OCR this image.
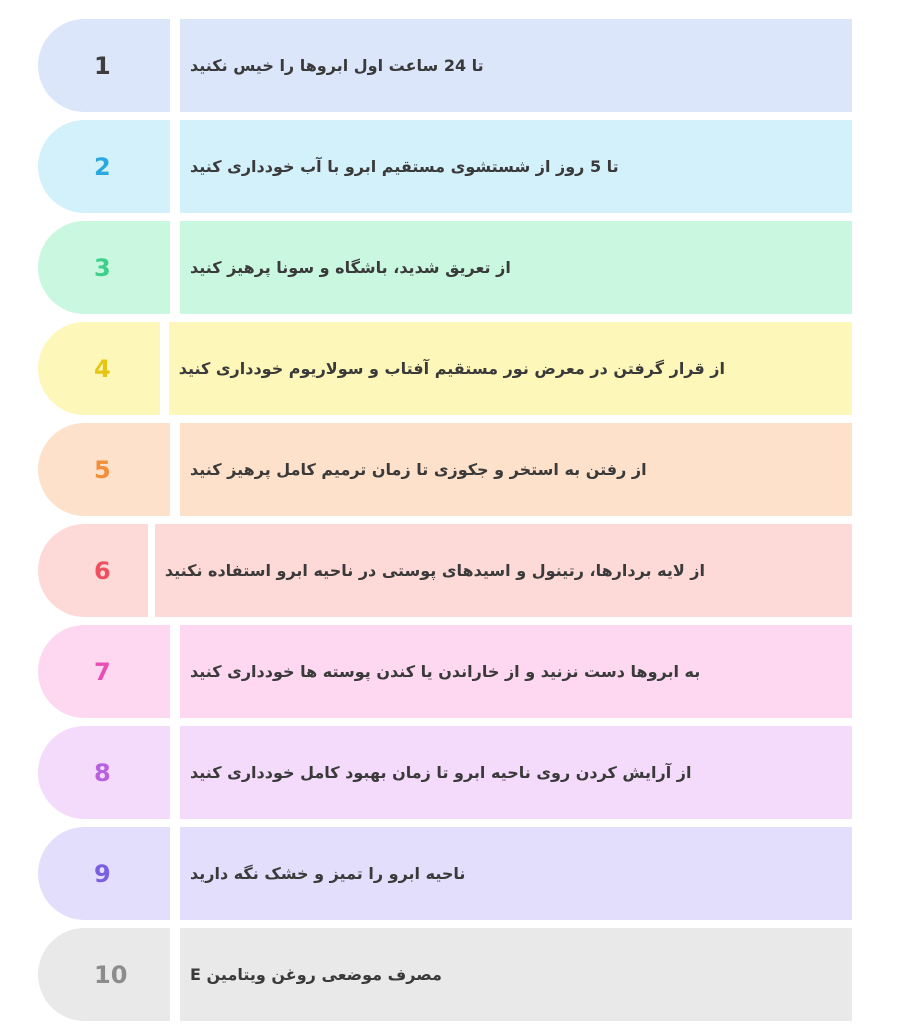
1	تا 24 ساعت اول ابروها را خیس نکنید
2	تا 5 روز از شستشوی مستقیم ابرو با آب خودداری کنید
3	از تعریق شدید، باشگاه و سونا پرهیز کنید
4	از قرار گرفتن در معرض نور مستقیم آفتاب و سولاریوم خودداری کنید
5	از رفتن به استخر و جکوزی تا زمان ترمیم کامل پرهیز کنید
6	از لایه بردارها، رتینول و اسیدهای پوستی در ناحیه ابرو استفاده نکنید
7	به ابروها دست نزنید و از خاراندن یا کندن پوسته ها خودداری کنید
8	از آرایش کردن روی ناحیه ابرو تا زمان بهبود کامل خودداری کنید
9	ناحیه ابرو را تمیز و خشک نگه دارید
10	مصرف موضعی روغن ویتامین E
